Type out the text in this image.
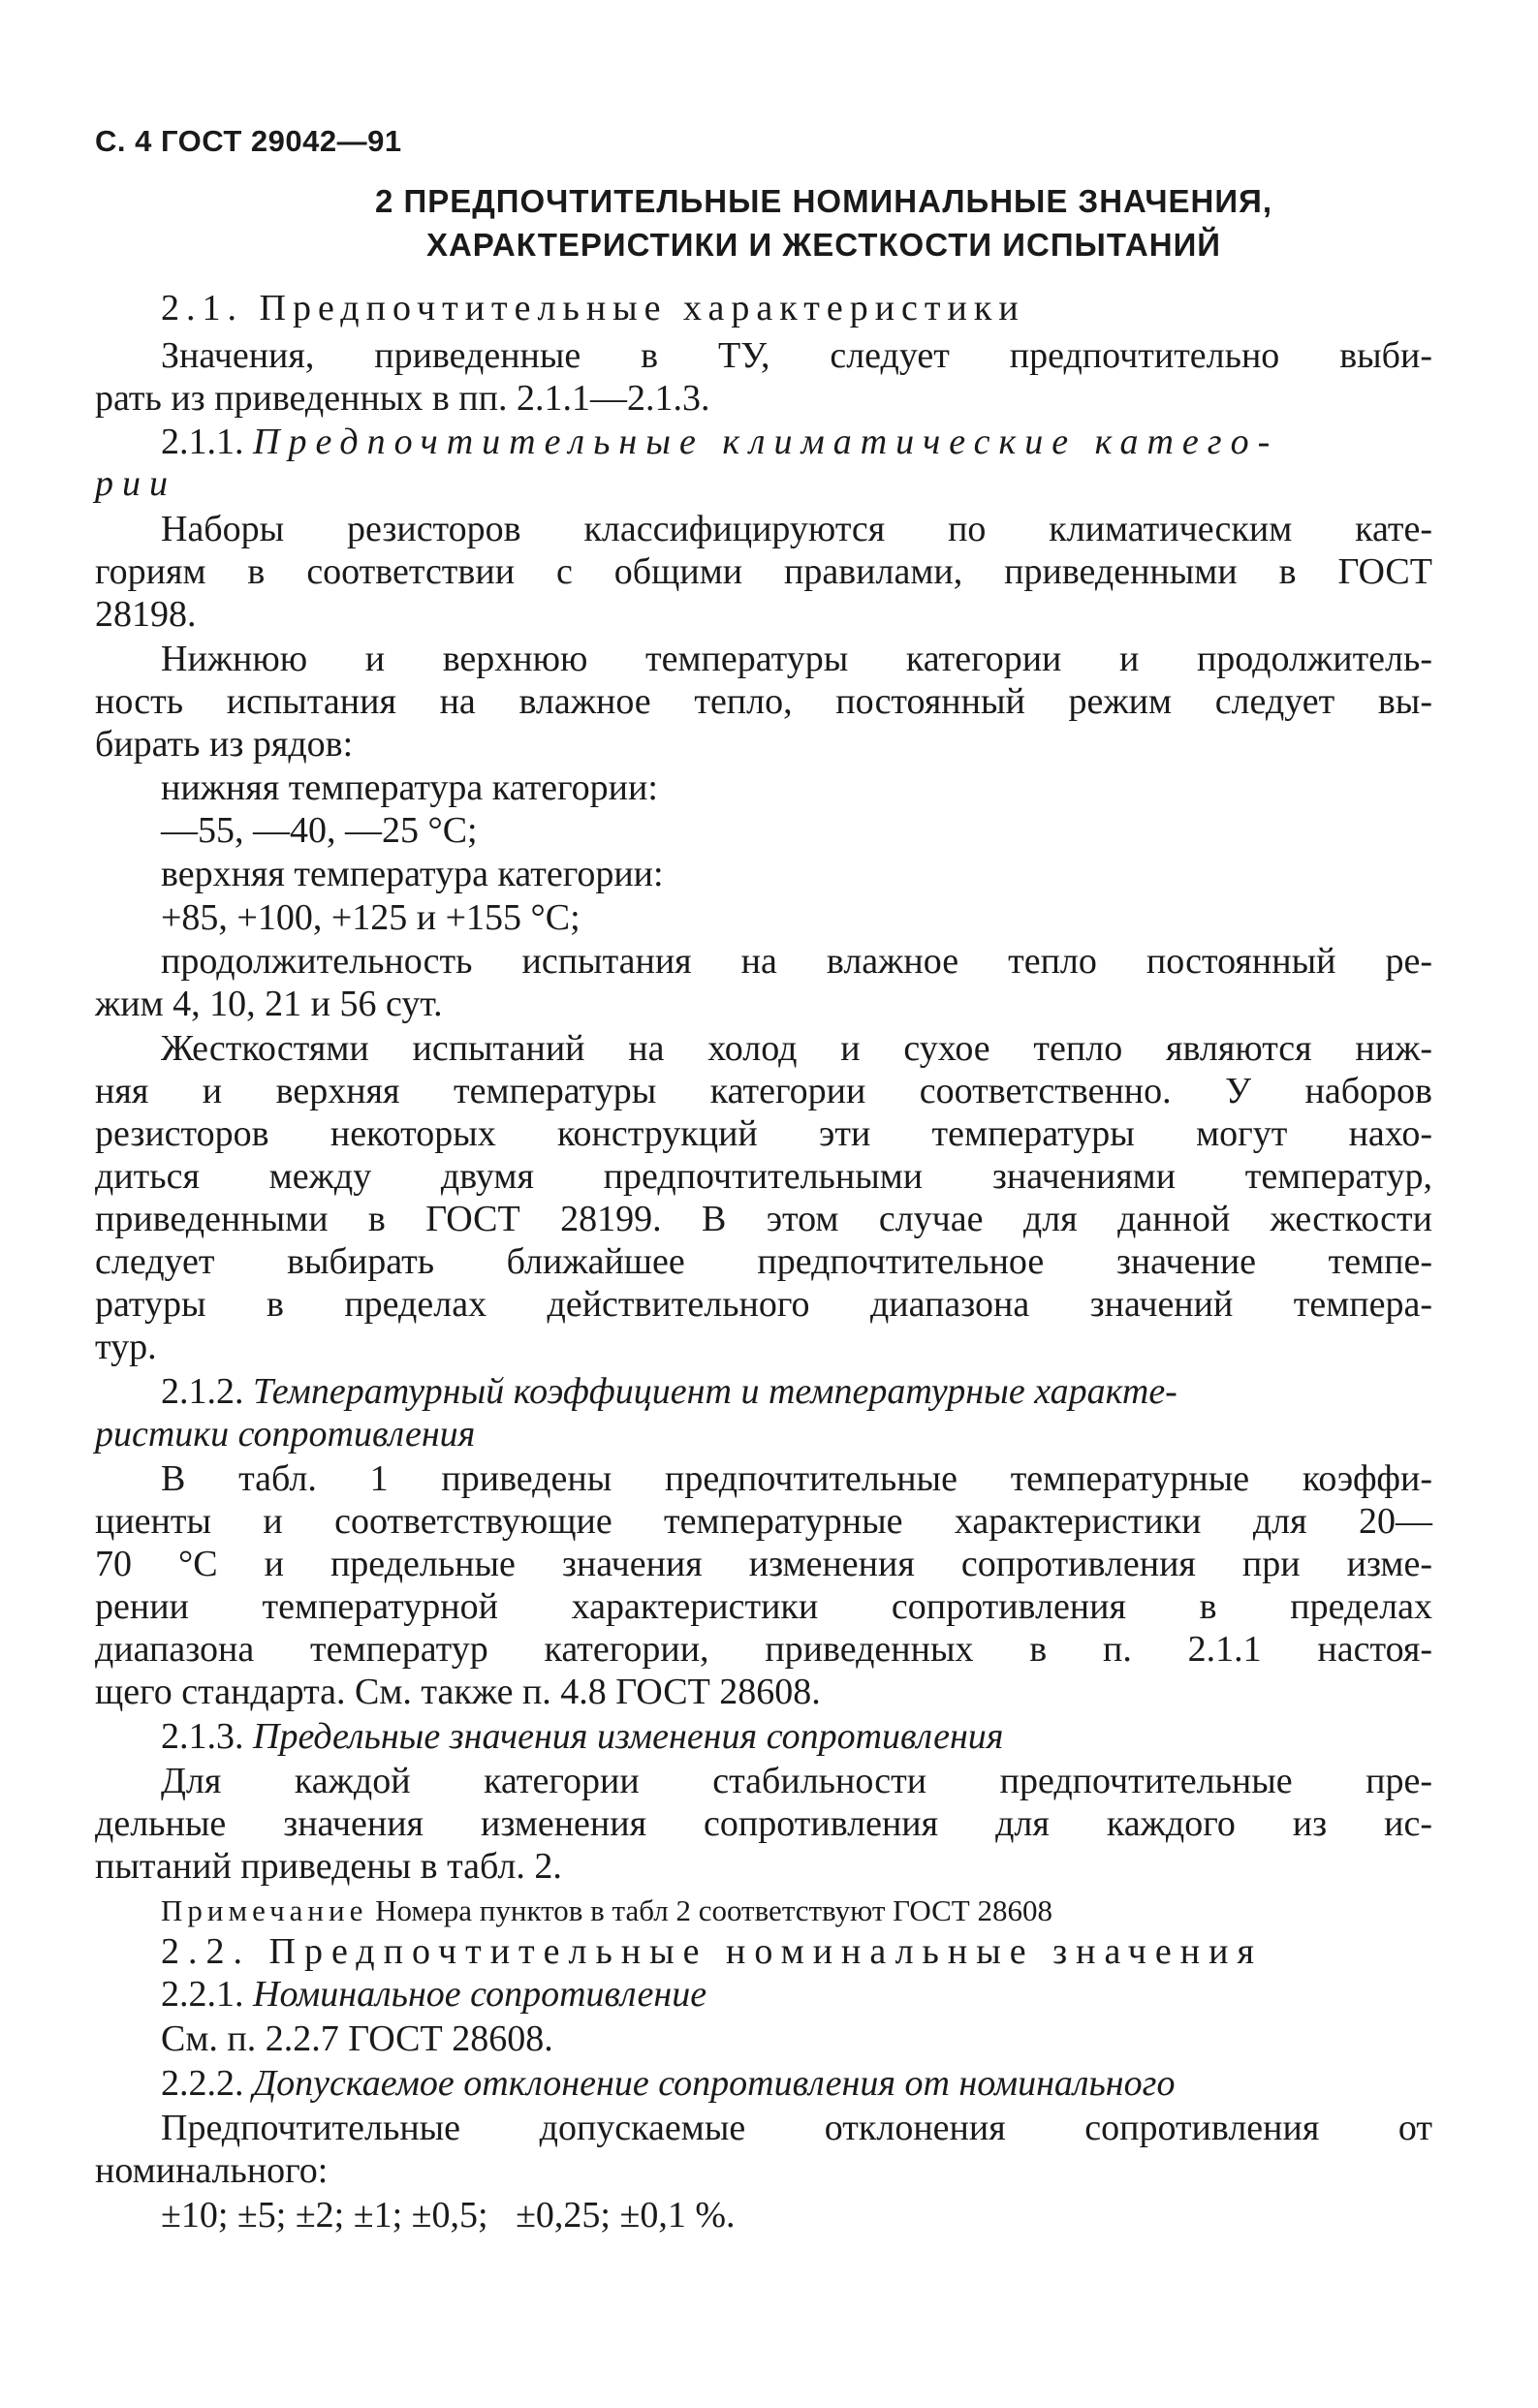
С. 4 ГОСТ 29042—91
2 ПРЕДПОЧТИТЕЛЬНЫЕ НОМИНАЛЬНЫЕ ЗНАЧЕНИЯ,
ХАРАКТЕРИСТИКИ И ЖЕСТКОСТИ ИСПЫТАНИЙ
2.1. Предпочтительные характеристики
Значения, приведенные в ТУ, следует предпочтительно выби-
рать из приведенных в пп. 2.1.1—2.1.3.
2.1.1. Предпочтительные климатические катего-
рии
Наборы резисторов классифицируются по климатическим кате-
гориям в соответствии с общими правилами, приведенными в ГОСТ
28198.
Нижнюю и верхнюю температуры категории и продолжитель-
ность испытания на влажное тепло, постоянный режим следует вы-
бирать из рядов:
нижняя температура категории:
—55, —40, —25 °С;
верхняя температура категории:
+85, +100, +125 и +155 °С;
продолжительность испытания на влажное тепло постоянный ре-
жим 4, 10, 21 и 56 сут.
Жесткостями испытаний на холод и сухое тепло являются ниж-
няя и верхняя температуры категории соответственно. У наборов
резисторов некоторых конструкций эти температуры могут нахо-
диться между двумя предпочтительными значениями температур,
приведенными в ГОСТ 28199. В этом случае для данной жесткости
следует выбирать ближайшее предпочтительное значение темпе-
ратуры в пределах действительного диапазона значений темпера-
тур.
2.1.2. Температурный коэффициент и температурные характе-
ристики сопротивления
В табл. 1 приведены предпочтительные температурные коэффи-
циенты и соответствующие температурные характеристики для 20—
70 °С и предельные значения изменения сопротивления при изме-
рении температурной характеристики сопротивления в пределах
диапазона температур категории, приведенных в п. 2.1.1 настоя-
щего стандарта. См. также п. 4.8 ГОСТ 28608.
2.1.3. Предельные значения изменения сопротивления
Для каждой категории стабильности предпочтительные пре-
дельные значения изменения сопротивления для каждого из ис-
пытаний приведены в табл. 2.
Примечание Номера пунктов в табл 2 соответствуют ГОСТ 28608
2.2. Предпочтительные номинальные значения
2.2.1. Номинальное сопротивление
См. п. 2.2.7 ГОСТ 28608.
2.2.2. Допускаемое отклонение сопротивления от номинального
Предпочтительные допускаемые отклонения сопротивления от
номинального:
±10; ±5; ±2; ±1; ±0,5;   ±0,25; ±0,1 %.
